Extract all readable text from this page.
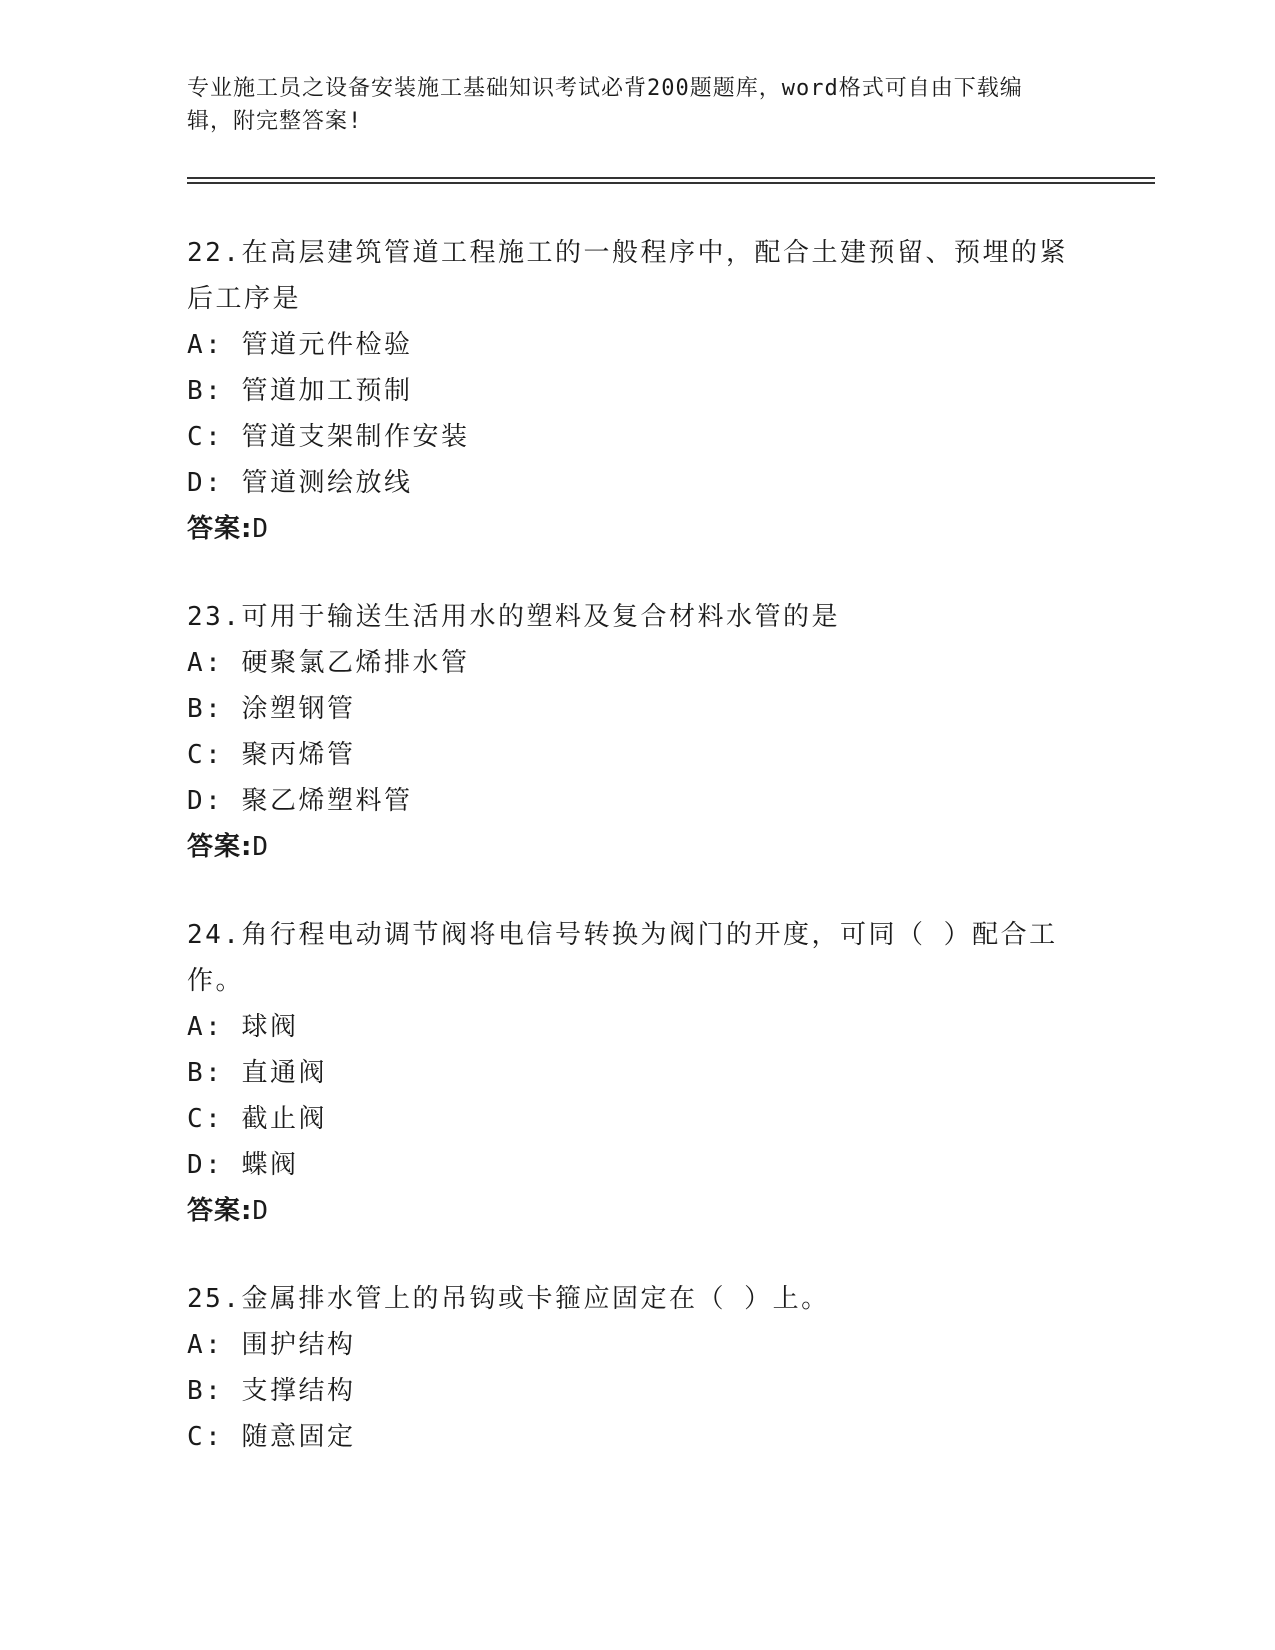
专业施工员之设备安装施工基础知识考试必背200题题库，word格式可自由下载编辑，附完整答案!

22.在高层建筑管道工程施工的一般程序中，配合土建预留、预埋的紧后工序是

A: 管道元件检验

B: 管道加工预制

C: 管道支架制作安装

D: 管道测绘放线

答案:D

23.可用于输送生活用水的塑料及复合材料水管的是

A: 硬聚氯乙烯排水管

B: 涂塑钢管

C: 聚丙烯管

D: 聚乙烯塑料管

答案:D

24.角行程电动调节阀将电信号转换为阀门的开度，可同（ ）配合工作。

A: 球阀

B: 直通阀

C: 截止阀

D: 蝶阀

答案:D

25.金属排水管上的吊钩或卡箍应固定在（ ）上。

A: 围护结构

B: 支撑结构

C: 随意固定
